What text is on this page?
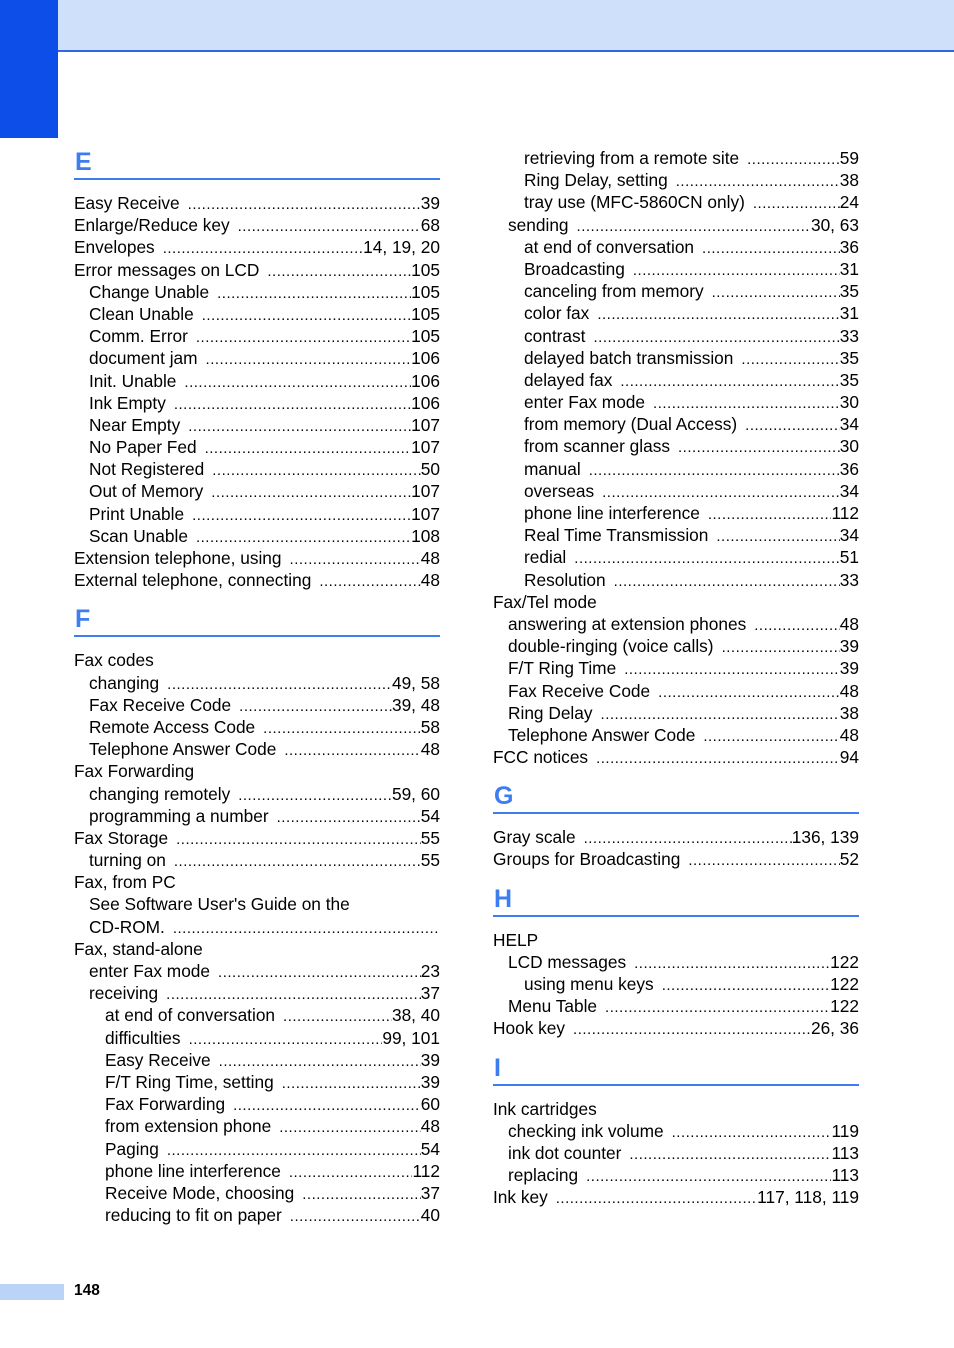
E
Easy Receive .....	39
Enlarge/Reduce key .....	68
Envelopes .....	14, 19, 20
Error messages on LCD .....	105
Change Unable .....	105
Clean Unable .....	105
Comm. Error .....	105
document jam .....	106
Init. Unable .....	106
Ink Empty .....	106
Near Empty .....	107
No Paper Fed .....	107
Not Registered .....	50
Out of Memory .....	107
Print Unable .....	107
Scan Unable .....	108
Extension telephone, using .....	48
External telephone, connecting .....	48
F
Fax codes
changing .....	49, 58
Fax Receive Code .....	39, 48
Remote Access Code .....	58
Telephone Answer Code .....	48
Fax Forwarding
changing remotely .....	59, 60
programming a number .....	54
Fax Storage .....	55
turning on .....	55
Fax, from PC
See Software User's Guide on the
CD-ROM.
.....
Fax, stand-alone
enter Fax mode .....	23
receiving .....	37
at end of conversation .....	38, 40
difficulties .....	99, 101
Easy Receive .....	39
F/T Ring Time, setting .....	39
Fax Forwarding .....	60
from extension phone .....	48
Paging .....	54
phone line interference .....	112
Receive Mode, choosing .....	37
reducing to fit on paper .....	40
retrieving from a remote site .....	59
Ring Delay, setting .....	38
tray use (MFC-5860CN only) .....	24
sending .....	30, 63
at end of conversation .....	36
Broadcasting .....	31
canceling from memory .....	35
color fax .....	31
contrast .....	33
delayed batch transmission .....	35
delayed fax .....	35
enter Fax mode .....	30
from memory (Dual Access) .....	34
from scanner glass .....	30
manual .....	36
overseas .....	34
phone line interference .....	112
Real Time Transmission .....	34
redial .....	51
Resolution .....	33
Fax/Tel mode
answering at extension phones .....	48
double-ringing (voice calls) .....	39
F/T Ring Time .....	39
Fax Receive Code .....	48
Ring Delay .....	38
Telephone Answer Code .....	48
FCC notices .....	94
G
Gray scale .....	136, 139
Groups for Broadcasting .....	52
H
HELP
LCD messages .....	122
using menu keys .....	122
Menu Table .....	122
Hook key .....	26, 36
I
Ink cartridges
checking ink volume .....	119
ink dot counter .....	113
replacing .....	113
Ink key .....	117, 118, 119
148
